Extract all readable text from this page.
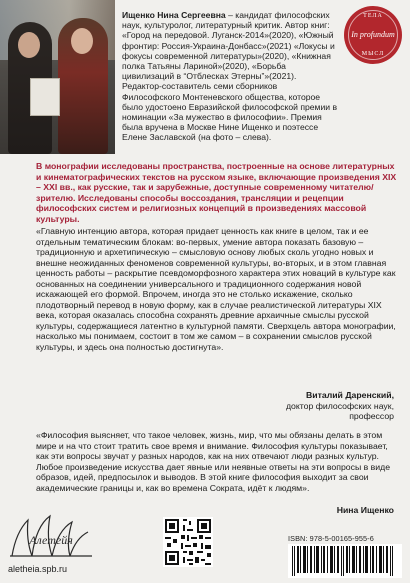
Ищенко Нина Сергеевна – кандидат философских наук, культуролог, литературный критик. Автор книг: «Город на передовой. Луганск-2014»(2020), «Южный фронтир: Россия-Украина-Донбасс»(2021) «Локусы и фокусы современной литературы»(2020), «Книжная полка Татьяны Лариной»(2020), «Борьба цивилизаций в “Отблесках Этерны”»(2021). Редактор-составитель семи сборников Философского Монтеневского общества, которое было удостоено Евразийской философской премии в номинации «За мужество в философии». Премия была вручена в Москве Нине Ищенко и поэтессе Елене Заславской (на фото – слева).
ТЕЛА
In profundum
МЫСЛ
В монографии исследованы пространства, построенные на основе литературных и кинематографических текстов на русском языке, включающие произведения XIX – XXI вв., как русские, так и зарубежные, доступные современному читателю/зрителю. Исследованы способы воссоздания, трансляции и рецепции философских систем и религиозных концепций в произведениях массовой культуры.
«Главную интенцию автора, которая придает ценность как книге в целом, так и ее отдельным тематическим блокам: во-первых, умение автора показать базовую – традиционную и архетипическую – смысловую основу любых сколь угодно новых и внешне неожиданных феноменов современной культуры, во-вторых, и в этом главная ценность работы – раскрытие псевдоморфозного характера этих новаций в культуре как основанных на соединении универсального и традиционного содержания новой искажающей его формой. Впрочем, иногда это не столько искажение, сколько плодотворный перевод в новую форму, как в случае реалистической литературы XIX века, которая оказалась способна сохранять древние архаичные смыслы русской культуры, содержащиеся латентно в культурной памяти. Сверхцель автора монографии, насколько мы понимаем, состоит в том же самом – в сохранении смыслов русской культуры, и здесь она полностью достигнута».
Виталий Даренский,
доктор философских наук,
профессор
«Философия выясняет, что такое человек, жизнь, мир, что мы обязаны делать в этом мире и на что стоит тратить свое время и внимание. Философия культуры показывает, как эти вопросы звучат у разных народов, как на них отвечают люди разных культур. Любое произведение искусства дает явные или неявные ответы на эти вопросы в виде образов, идей, предпосылок и выводов. В этой книге философия выходит за свои академические границы и, как во времена Сократа, идёт к людям».
Нина Ищенко
Алетейя
aletheia.spb.ru
ISBN: 978-5-00165-955-6
